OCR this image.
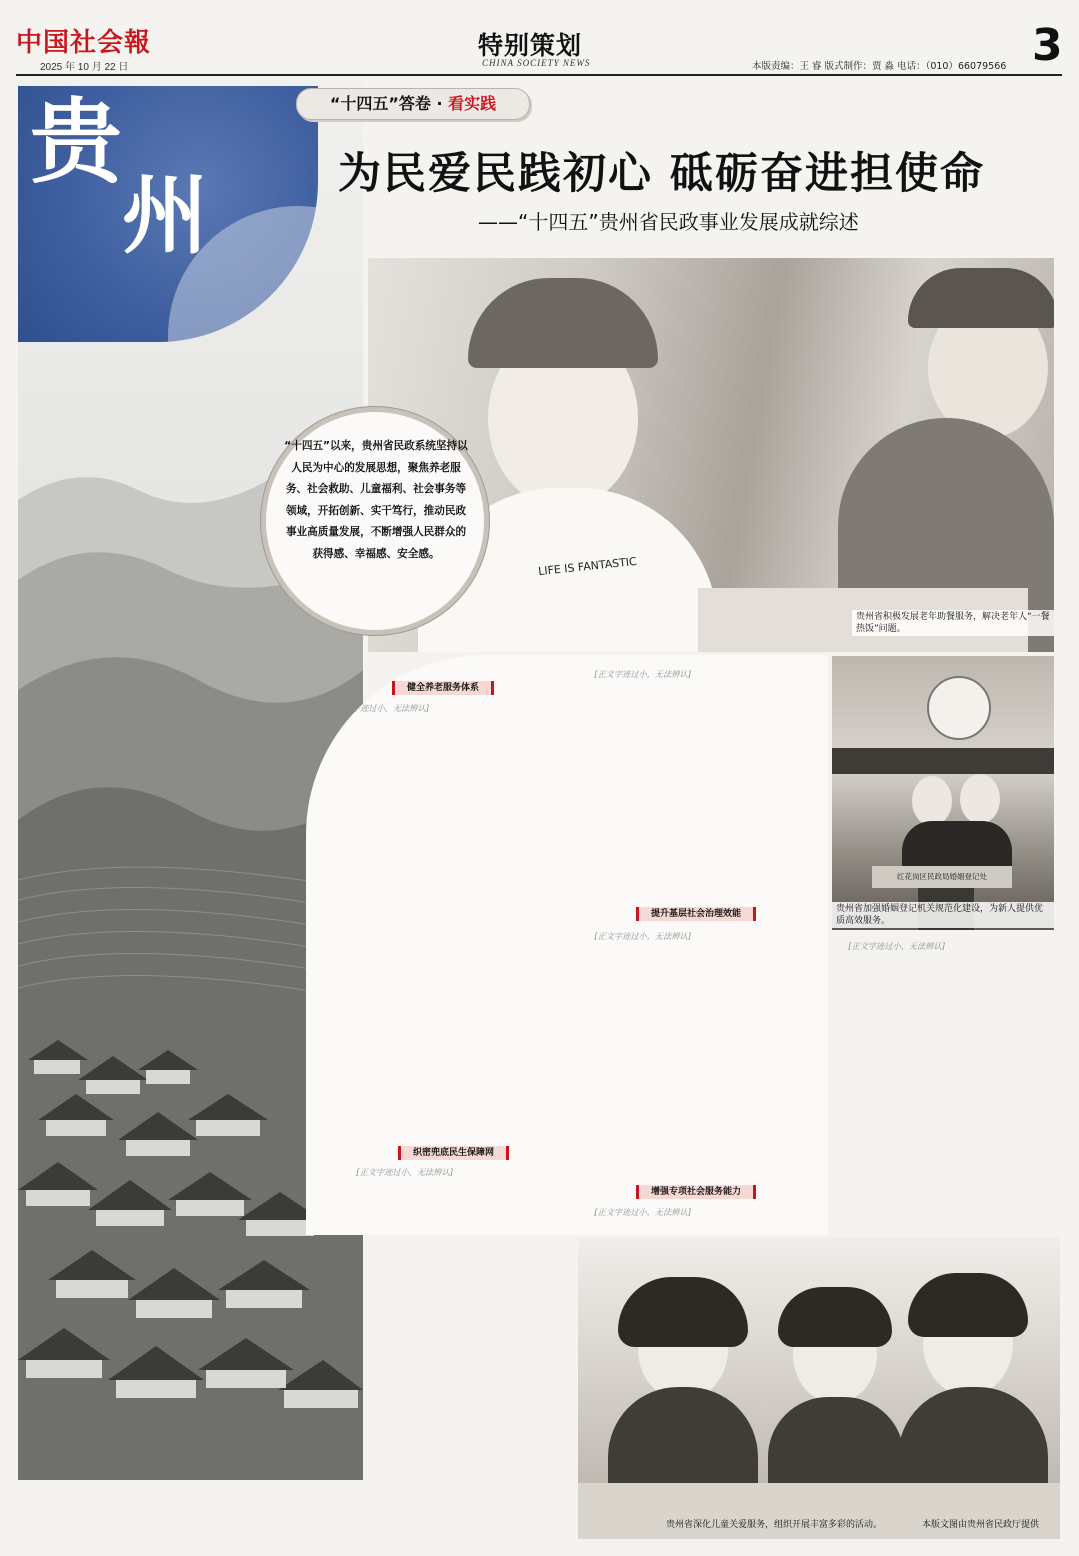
中国社会報
2025 年 10 月 22 日
特别策划
CHINA SOCIETY NEWS	本版责编：王 睿 版式制作：贾 淼 电话：（010）66079566 3
贵
州
“十四五”答卷 · 看实践
为民爱民践初心 砥砺奋进担使命
——“十四五”贵州省民政事业发展成就综述
LIFE IS FANTASTIC
贵州省积极发展老年助餐服务，解决老年人“一餐热饭”问题。
“十四五”以来，贵州省民政系统坚持以人民为中心的发展思想，聚焦养老服务、社会救助、儿童福利、社会事务等领域，开拓创新、实干笃行，推动民政事业高质量发展，不断增强人民群众的获得感、幸福感、安全感。
健全养老服务体系
织密兜底民生保障网
提升基层社会治理效能
增强专项社会服务能力

[正文字迹过小，无法辨认]

[正文字迹过小，无法辨认]

[正文字迹过小，无法辨认]

[正文字迹过小，无法辨认]

[正文字迹过小，无法辨认]

[正文字迹过小，无法辨认]

红花岗区民政局婚姻登记处
贵州省加强婚姻登记机关规范化建设，为新人提供优质高效服务。
贵州省深化儿童关爱服务，组织开展丰富多彩的活动。	本版文图由贵州省民政厅提供
